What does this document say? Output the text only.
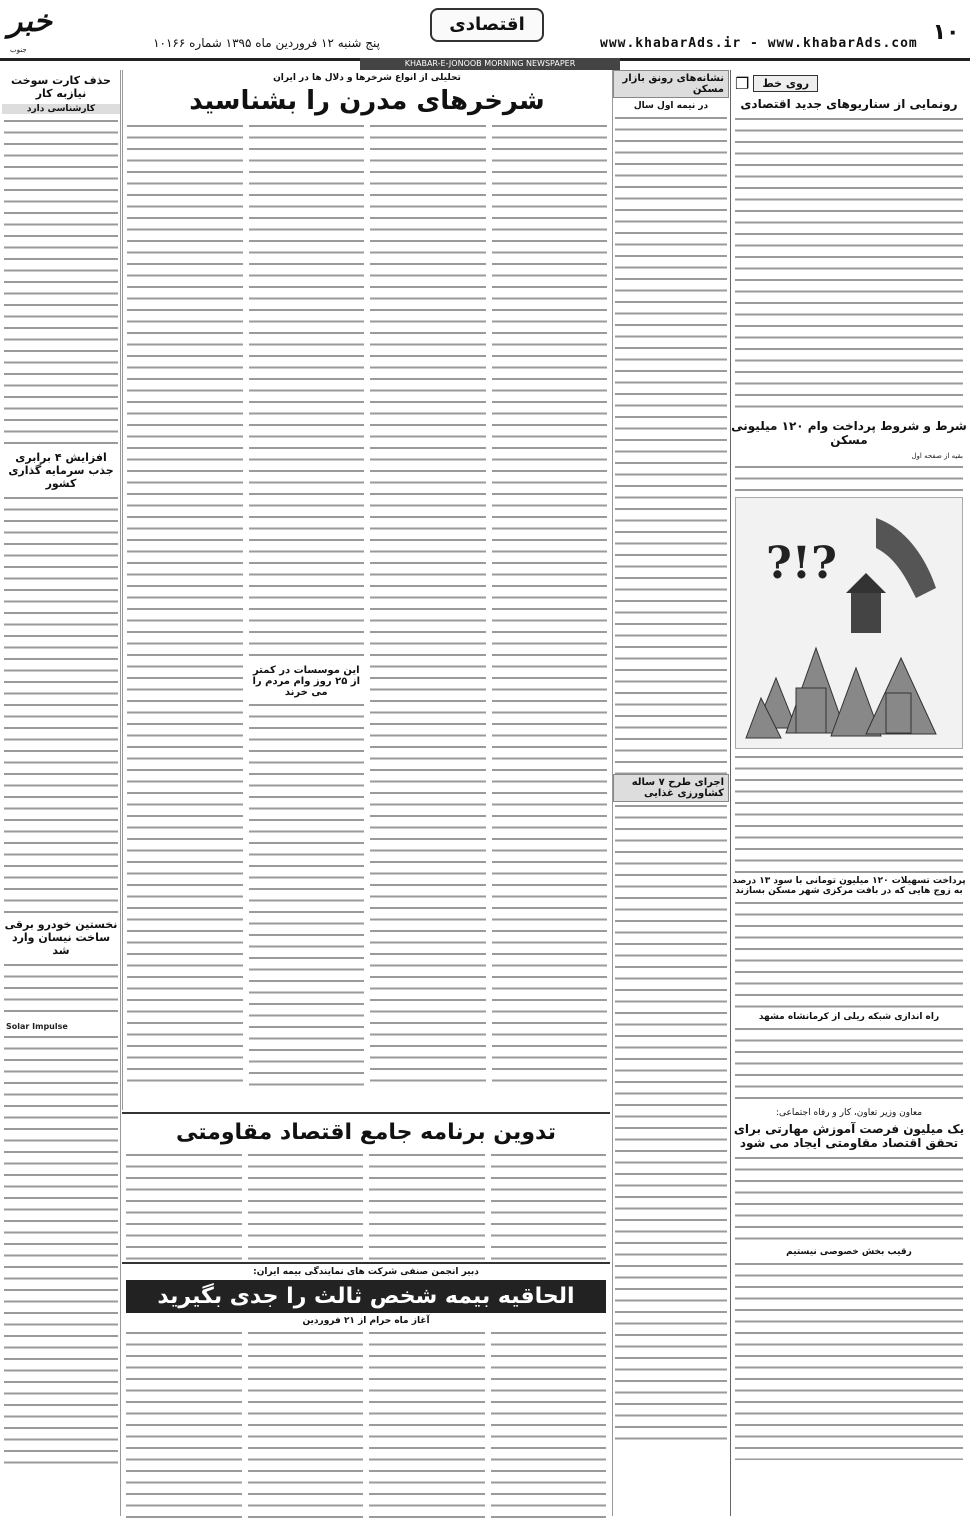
۱۰
www.khabarAds.ir - www.khabarAds.com
اقتصادی
پنج شنبه ۱۲ فروردین ماه ۱۳۹۵ شماره ۱۰۱۶۶
خبر
جنوب
KHABAR-E-JONOOB MORNING NEWSPAPER
روی خط
❐
رونمایی از سناریوهای جدید اقتصادی
شرط و شروط پرداخت وام ۱۲۰ میلیونی مسکن
بقیه از صفحه اول
?!?
پرداخت تسهیلات ۱۲۰ میلیون تومانی با سود ۱۳ درصد به زوج هایی که در بافت مرکزی شهر مسکن بسازند
راه اندازی شبکه ریلی از کرمانشاه مشهد
معاون وزیر تعاون، کار و رفاه اجتماعی:
یک میلیون فرصت آموزش مهارتی برای تحقق اقتصاد مقاومتی ایجاد می شود
رقیب بخش خصوصی نیستیم
نشانه‌های رونق بازار مسکن
در نیمه اول سال
اجرای طرح ۷ ساله کشاورزی غذایی
تحلیلی از انواع شرخرها و دلال ها در ایران
شرخرهای مدرن را بشناسید
این موسسات در کمتر از ۲۵ روز وام مردم را می خرند
تدوین برنامه جامع اقتصاد مقاومتی
دبیر انجمن صنفی شرکت های نمایندگی بیمه ایران:
الحاقیه بیمه شخص ثالث را جدی بگیرید
آغاز ماه حرام از ۲۱ فروردین
حذف کارت سوخت نیازبه کار
کارشناسی دارد
افزایش ۴ برابری جذب سرمایه گذاری کشور
نخستین خودرو برقی ساخت نیسان وارد شد
Solar Impulse
